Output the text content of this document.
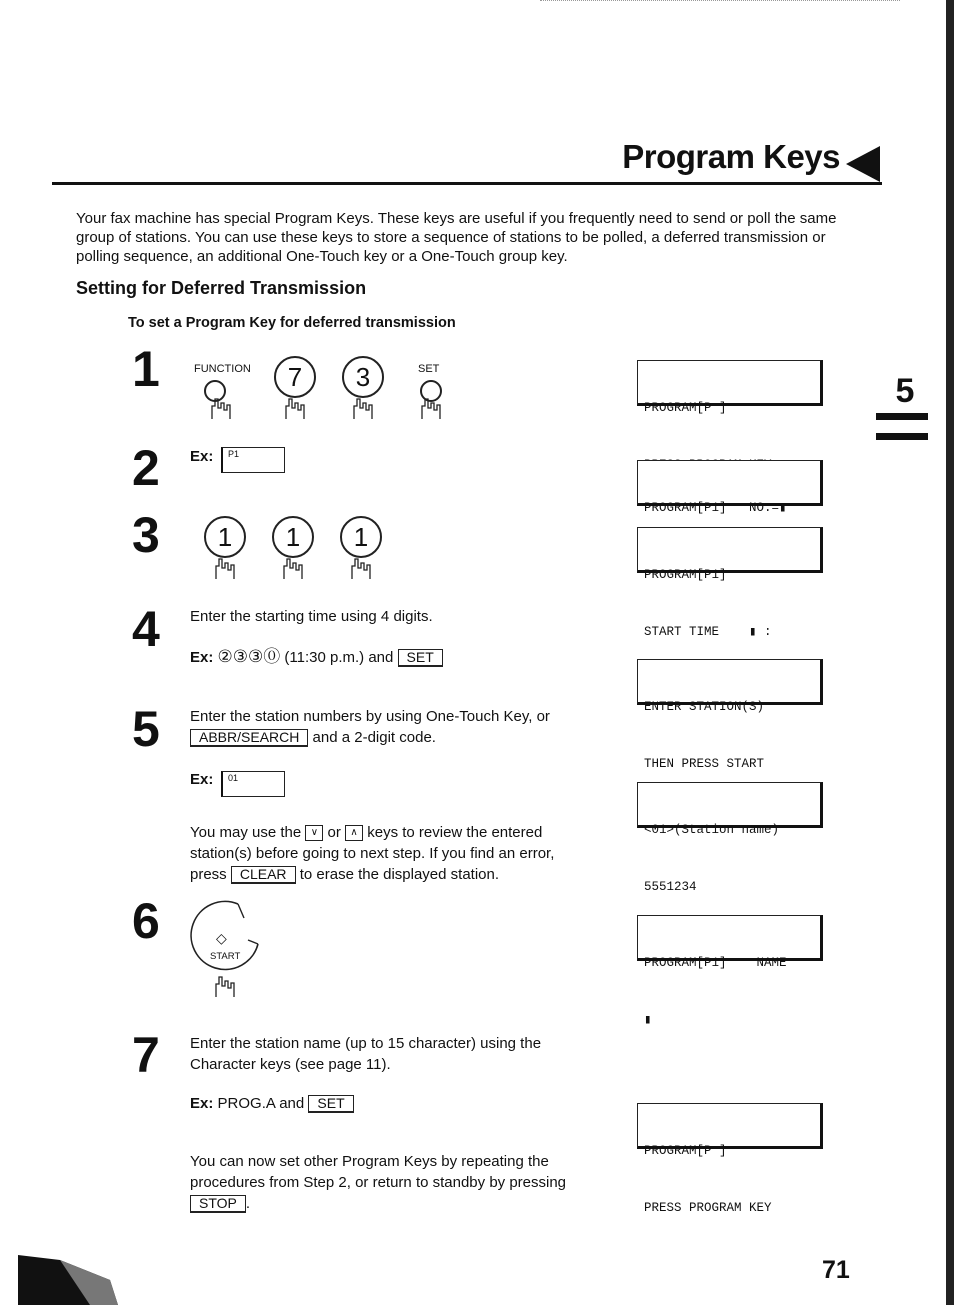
Program Keys
Your fax machine has special Program Keys. These keys are useful if you frequently need to send or poll the same group of stations. You can use these keys to store a sequence of stations to be polled, a deferred transmission or polling sequence, an additional One-Touch key or a One-Touch group key.
Setting for Deferred Transmission
To set a Program Key for deferred transmission
5
1	FUNCTION	7	3	SET
2 Ex:	P1
3	1	1	1
4 Enter the starting time using 4 digits.
Ex: ②③③⓪ (11:30 p.m.) and SET
5 Enter the station numbers by using One-Touch Key, or
ABBR/SEARCH and a 2-digit code.
Ex:	01
You may use the ∨ or ∧ keys to review the entered
station(s) before going to next step. If you find an error,
press CLEAR to erase the displayed station.
6	◇
START
7 Enter the station name (up to 15 character) using the
Character keys (see page 11).
Ex: PROG.A and SET
You can now set other Program Keys by repeating the
procedures from Step 2, or return to standby by pressing
STOP .

PROGRAM[P ]

PROGRAM[P1]   NO.=▮

PROGRAM[P1]

START TIME    ▮ :

ENTER STATION(S)

THEN PRESS START

<01>(Station name)

5551234

PROGRAM[P1]    NAME

▮

PROGRAM[P ]

PRESS PROGRAM KEY

71
